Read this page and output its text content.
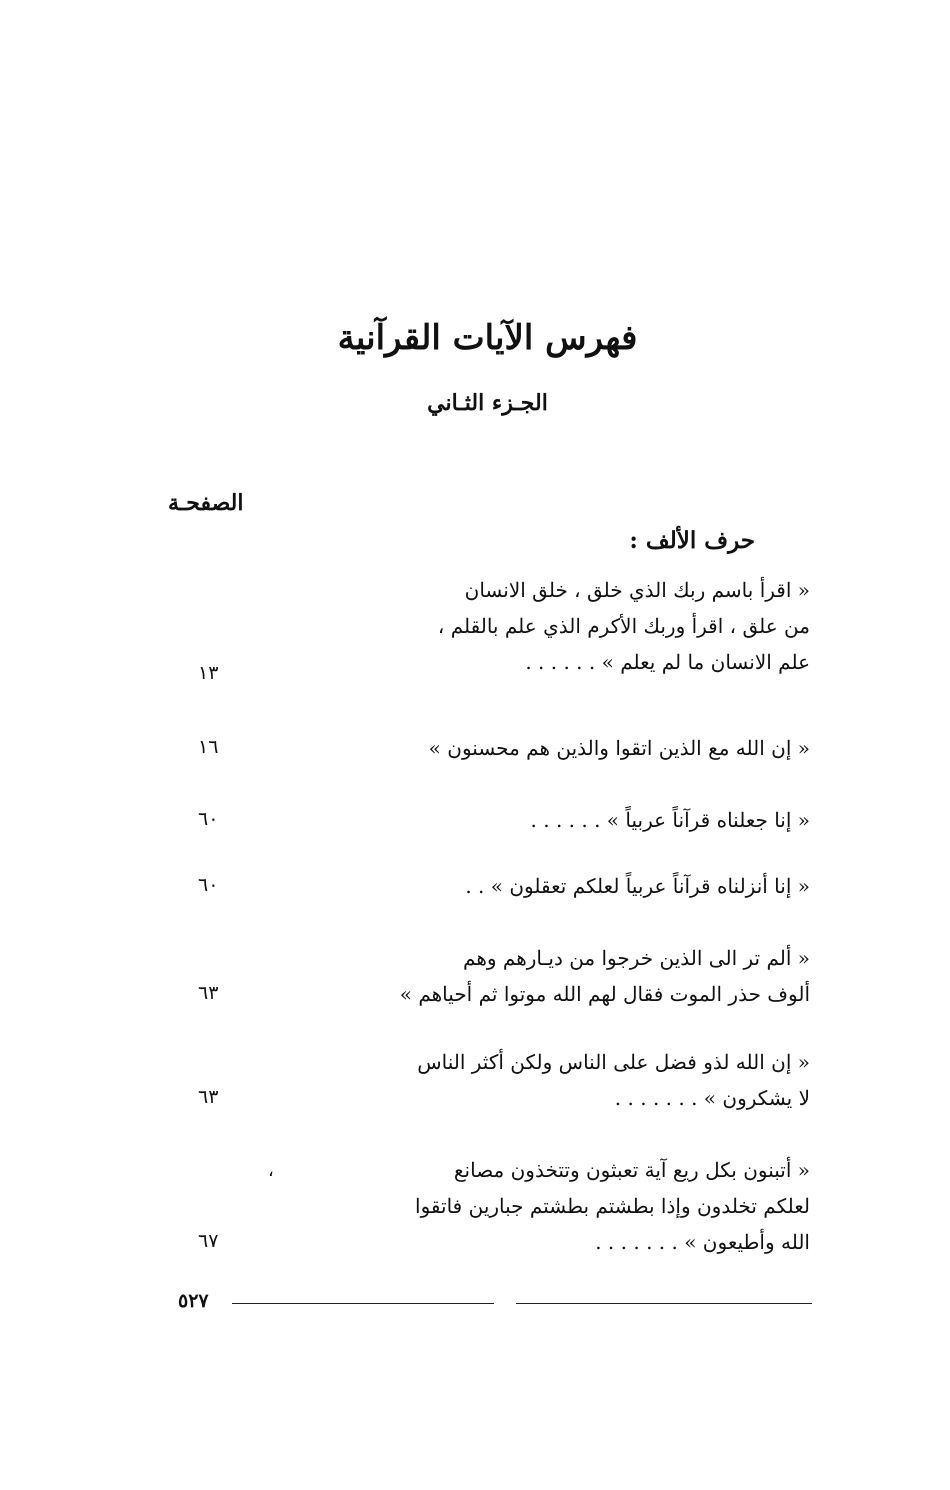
فهرس الآيات القرآنية
الجـزء الثـاني
الصفحـة
حرف الألف :
« اقرأ باسم ربك الذي خلق ، خلق الانسان
من علق ، اقرأ وربك الأكرم الذي علم بالقلم ،
علم الانسان ما لم يعلم » . . . . . .
١٣
« إن الله مع الذين اتقوا والذين هم محسنون »
١٦
« إنا جعلناه قرآناً عربياً » . . . . . .
٦٠
« إنا أنزلناه قرآناً عربياً لعلكم تعقلون » . .
٦٠
« ألم تر الى الذين خرجوا من ديـارهم وهم
ألوف حذر الموت فقال لهم الله موتوا ثم أحياهم »
٦٣
« إن الله لذو فضل على الناس ولكن أكثر الناس
لا يشكرون » . . . . . . .
٦٣
« أتبنون بكل ريع آية تعبثون وتتخذون مصانع
لعلكم تخلدون وإذا بطشتم بطشتم جبارين فاتقوا
الله وأطيعون » . . . . . . .
٦٧
،
٥٢٧
